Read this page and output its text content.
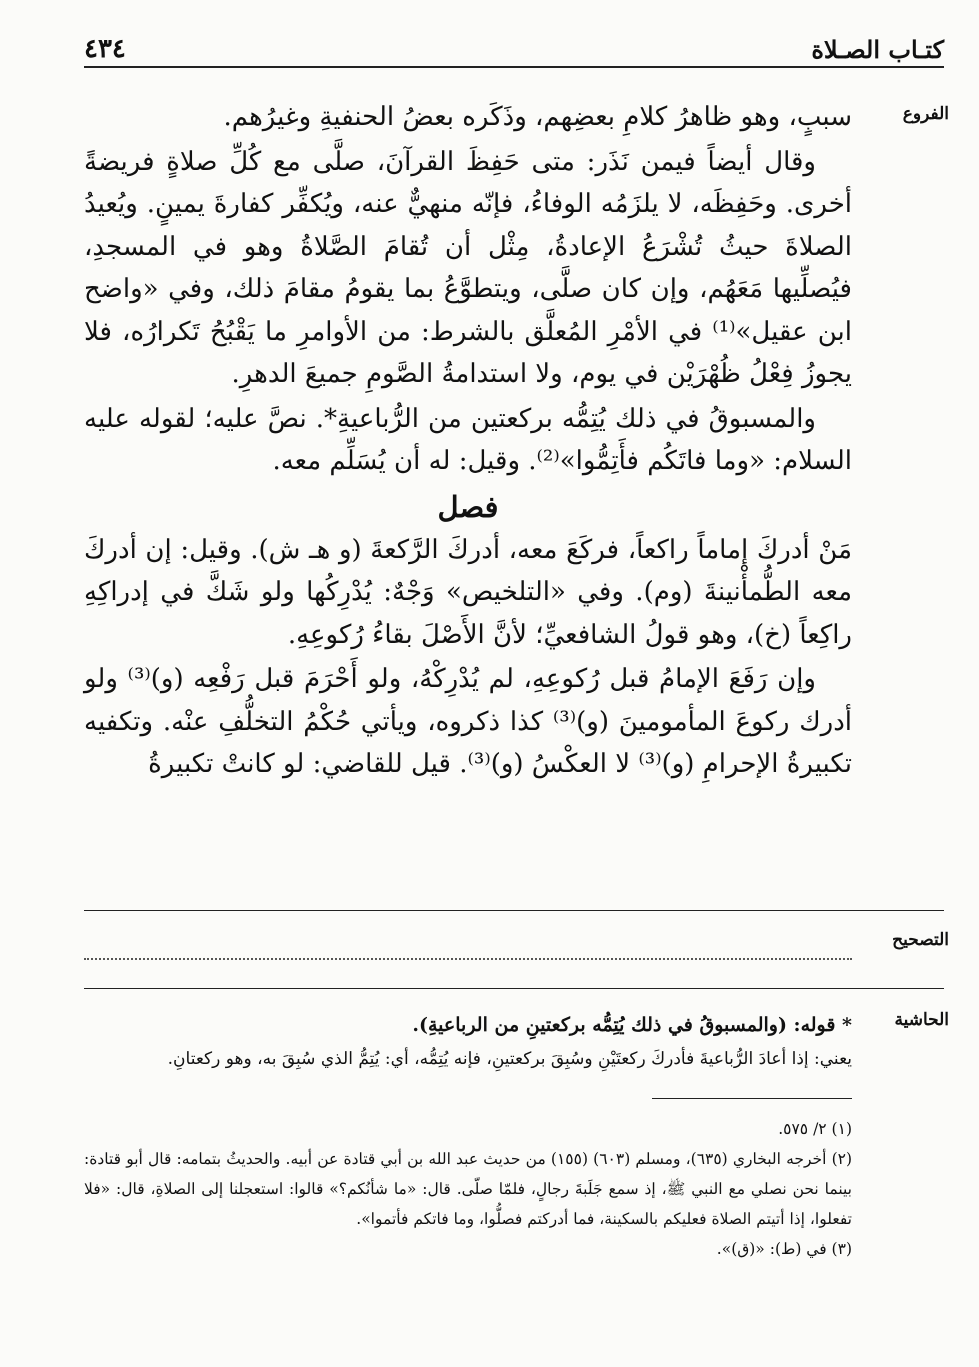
كتـاب الصـلاة
٤٣٤
الفروع

سببٍ، وهو ظاهرُ كلامِ بعضِهم، وذَكَره بعضُ الحنفيةِ وغيرُهم.

وقال أيضاً فيمن نَذَر: متى حَفِظَ القرآنَ، صلَّى مع كُلِّ صلاةٍ فريضةً أخرى. وحَفِظَه، لا يلزَمُه الوفاءُ، فإنّه منهيٌّ عنه، ويُكفِّر كفارةَ يمينٍ. ويُعيدُ الصلاةَ حيثُ تُشْرَعُ الإعادةُ، مِثْل أن تُقامَ الصَّلاةُ وهو في المسجدِ، فيُصلِّيها مَعَهُم، وإن كان صلَّى، ويتطوَّعُ بما يقومُ مقامَ ذلك، وفي «واضح ابن عقيل»⁽¹⁾ في الأمْرِ المُعلَّق بالشرط: من الأوامرِ ما يَقْبُحُ تَكرارُه، فلا يجوزُ فِعْلُ ظُهْرَيْن في يوم، ولا استدامةُ الصَّومِ جميعَ الدهرِ.

والمسبوقُ في ذلك يُتِمُّه بركعتين من الرُّباعيةِ*. نصَّ عليه؛ لقوله عليه السلام: «وما فاتَكُم فأَتِمُّوا»⁽²⁾. وقيل: له أن يُسَلِّم معه.

فصل

مَنْ أدركَ إماماً راكعاً، فركَعَ معه، أدركَ الرَّكعةَ (و هـ ش). وقيل: إن أدركَ معه الطُّمأْنينةَ (وم). وفي «التلخيص» وَجْهٌ: يُدْرِكُها ولو شَكَّ في إدراكِهِ راكِعاً (خ)، وهو قولُ الشافعيِّ؛ لأنَّ الأَصْلَ بقاءُ رُكوعِهِ.

وإن رَفَعَ الإمامُ قبل رُكوعِهِ، لم يُدْرِكْهُ، ولو أَحْرَمَ قبل رَفْعِه (و)⁽³⁾ ولو أدرك ركوعَ المأمومينَ (و)⁽³⁾ كذا ذكروه، ويأتي حُكْمُ التخلُّفِ عنْه. وتكفيه تكبيرةُ الإحرامِ (و)⁽³⁾ لا العكْسُ (و)⁽³⁾. قيل للقاضي: لو كانتْ تكبيرةُ

التصحيح
الحاشية
* قوله: (والمسبوقُ في ذلك يُتِمُّه بركعتينِ من الرباعيةِ).
يعني: إذا أعادَ الرُّباعيةَ فأدركَ ركعتَيْنِ وسُبِقَ بركعتينِ، فإنه يُتِمُّه، أي: يُتِمُّ الذي سُبِقَ به، وهو ركعتانِ.

(١) ٢/ ٥٧٥.

(٢) أخرجه البخاري (٦٣٥)، ومسلم (٦٠٣) (١٥٥) من حديث عبد الله بن أبي قتادة عن أبيه. والحديثُ بتمامه: قال أبو قتادة: بينما نحن نصلي مع النبي ﷺ، إذ سمع جَلَبةَ رجالٍ، فلمّا صلّى. قال: «ما شأنُكم؟» قالوا: استعجلنا إلى الصلاةِ، قال: «فلا تفعلوا، إذا أتيتم الصلاة فعليكم بالسكينة، فما أدركتم فصلُّوا، وما فاتكم فأتموا».

(٣) في (ط): «(ق)».
